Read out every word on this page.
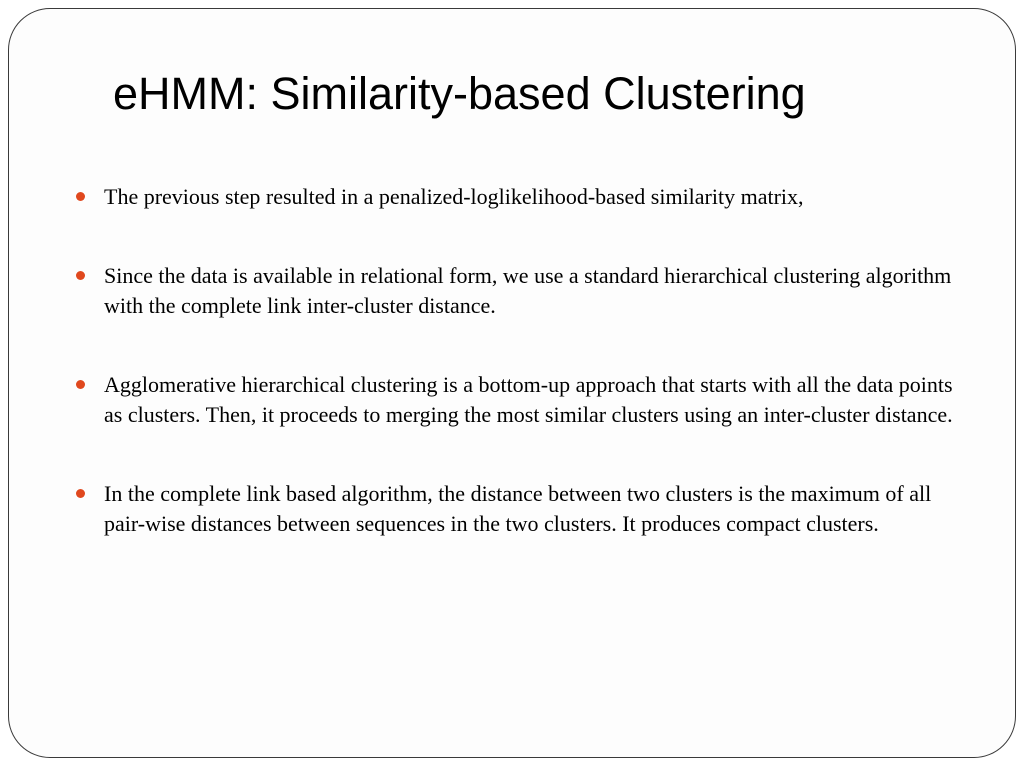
eHMM: Similarity-based Clustering
The previous step resulted in a penalized-loglikelihood-based similarity matrix,
Since the data is available in relational form, we use a standard hierarchical clustering algorithm with the complete link inter-cluster distance.
Agglomerative hierarchical clustering is a bottom-up approach that starts with all the data points as clusters. Then, it proceeds to merging the most similar clusters using an inter-cluster distance.
In the complete link based algorithm, the distance between two clusters is the maximum of all pair-wise distances between sequences in the two clusters. It produces compact clusters.
